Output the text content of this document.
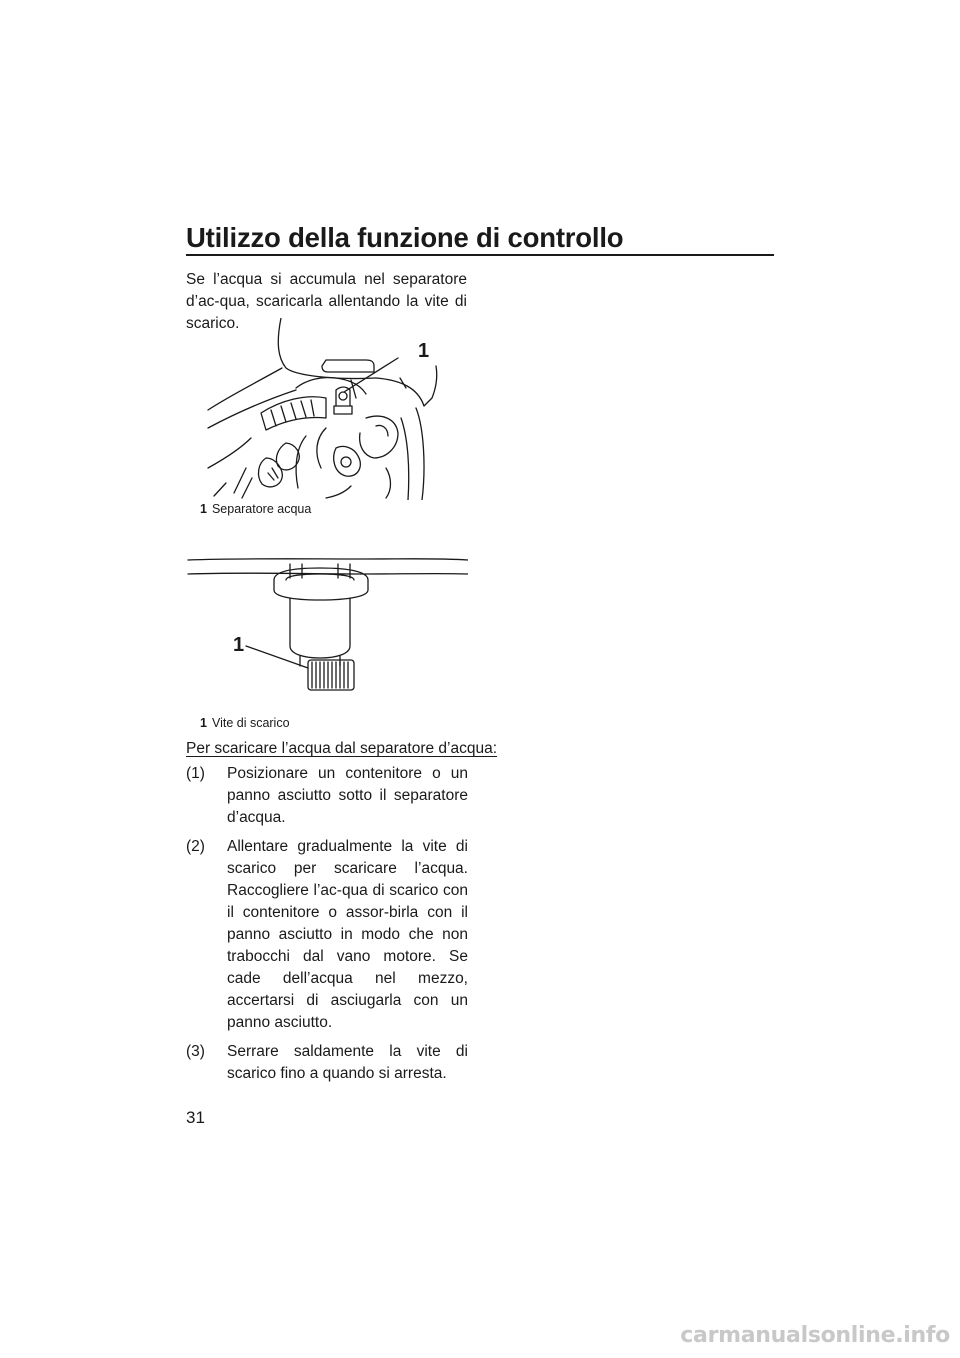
Utilizzo della funzione di controllo
31

Se l’acqua si accumula nel separatore d’ac-qua, scaricarla allentando la vite di scarico.

1
1 Separatore acqua
1
1 Vite di scarico
Per scaricare l’acqua dal separatore d’acqua:
(1) Posizionare un contenitore o un panno asciutto sotto il separatore d’acqua.
(2) Allentare gradualmente la vite di scarico per scaricare l’acqua. Raccogliere l’ac-qua di scarico con il contenitore o assor-birla con il panno asciutto in modo che non trabocchi dal vano motore. Se cade dell’acqua nel mezzo, accertarsi di asciugarla con un panno asciutto.
(3) Serrare saldamente la vite di scarico fino a quando si arresta.
carmanualsonline.info
